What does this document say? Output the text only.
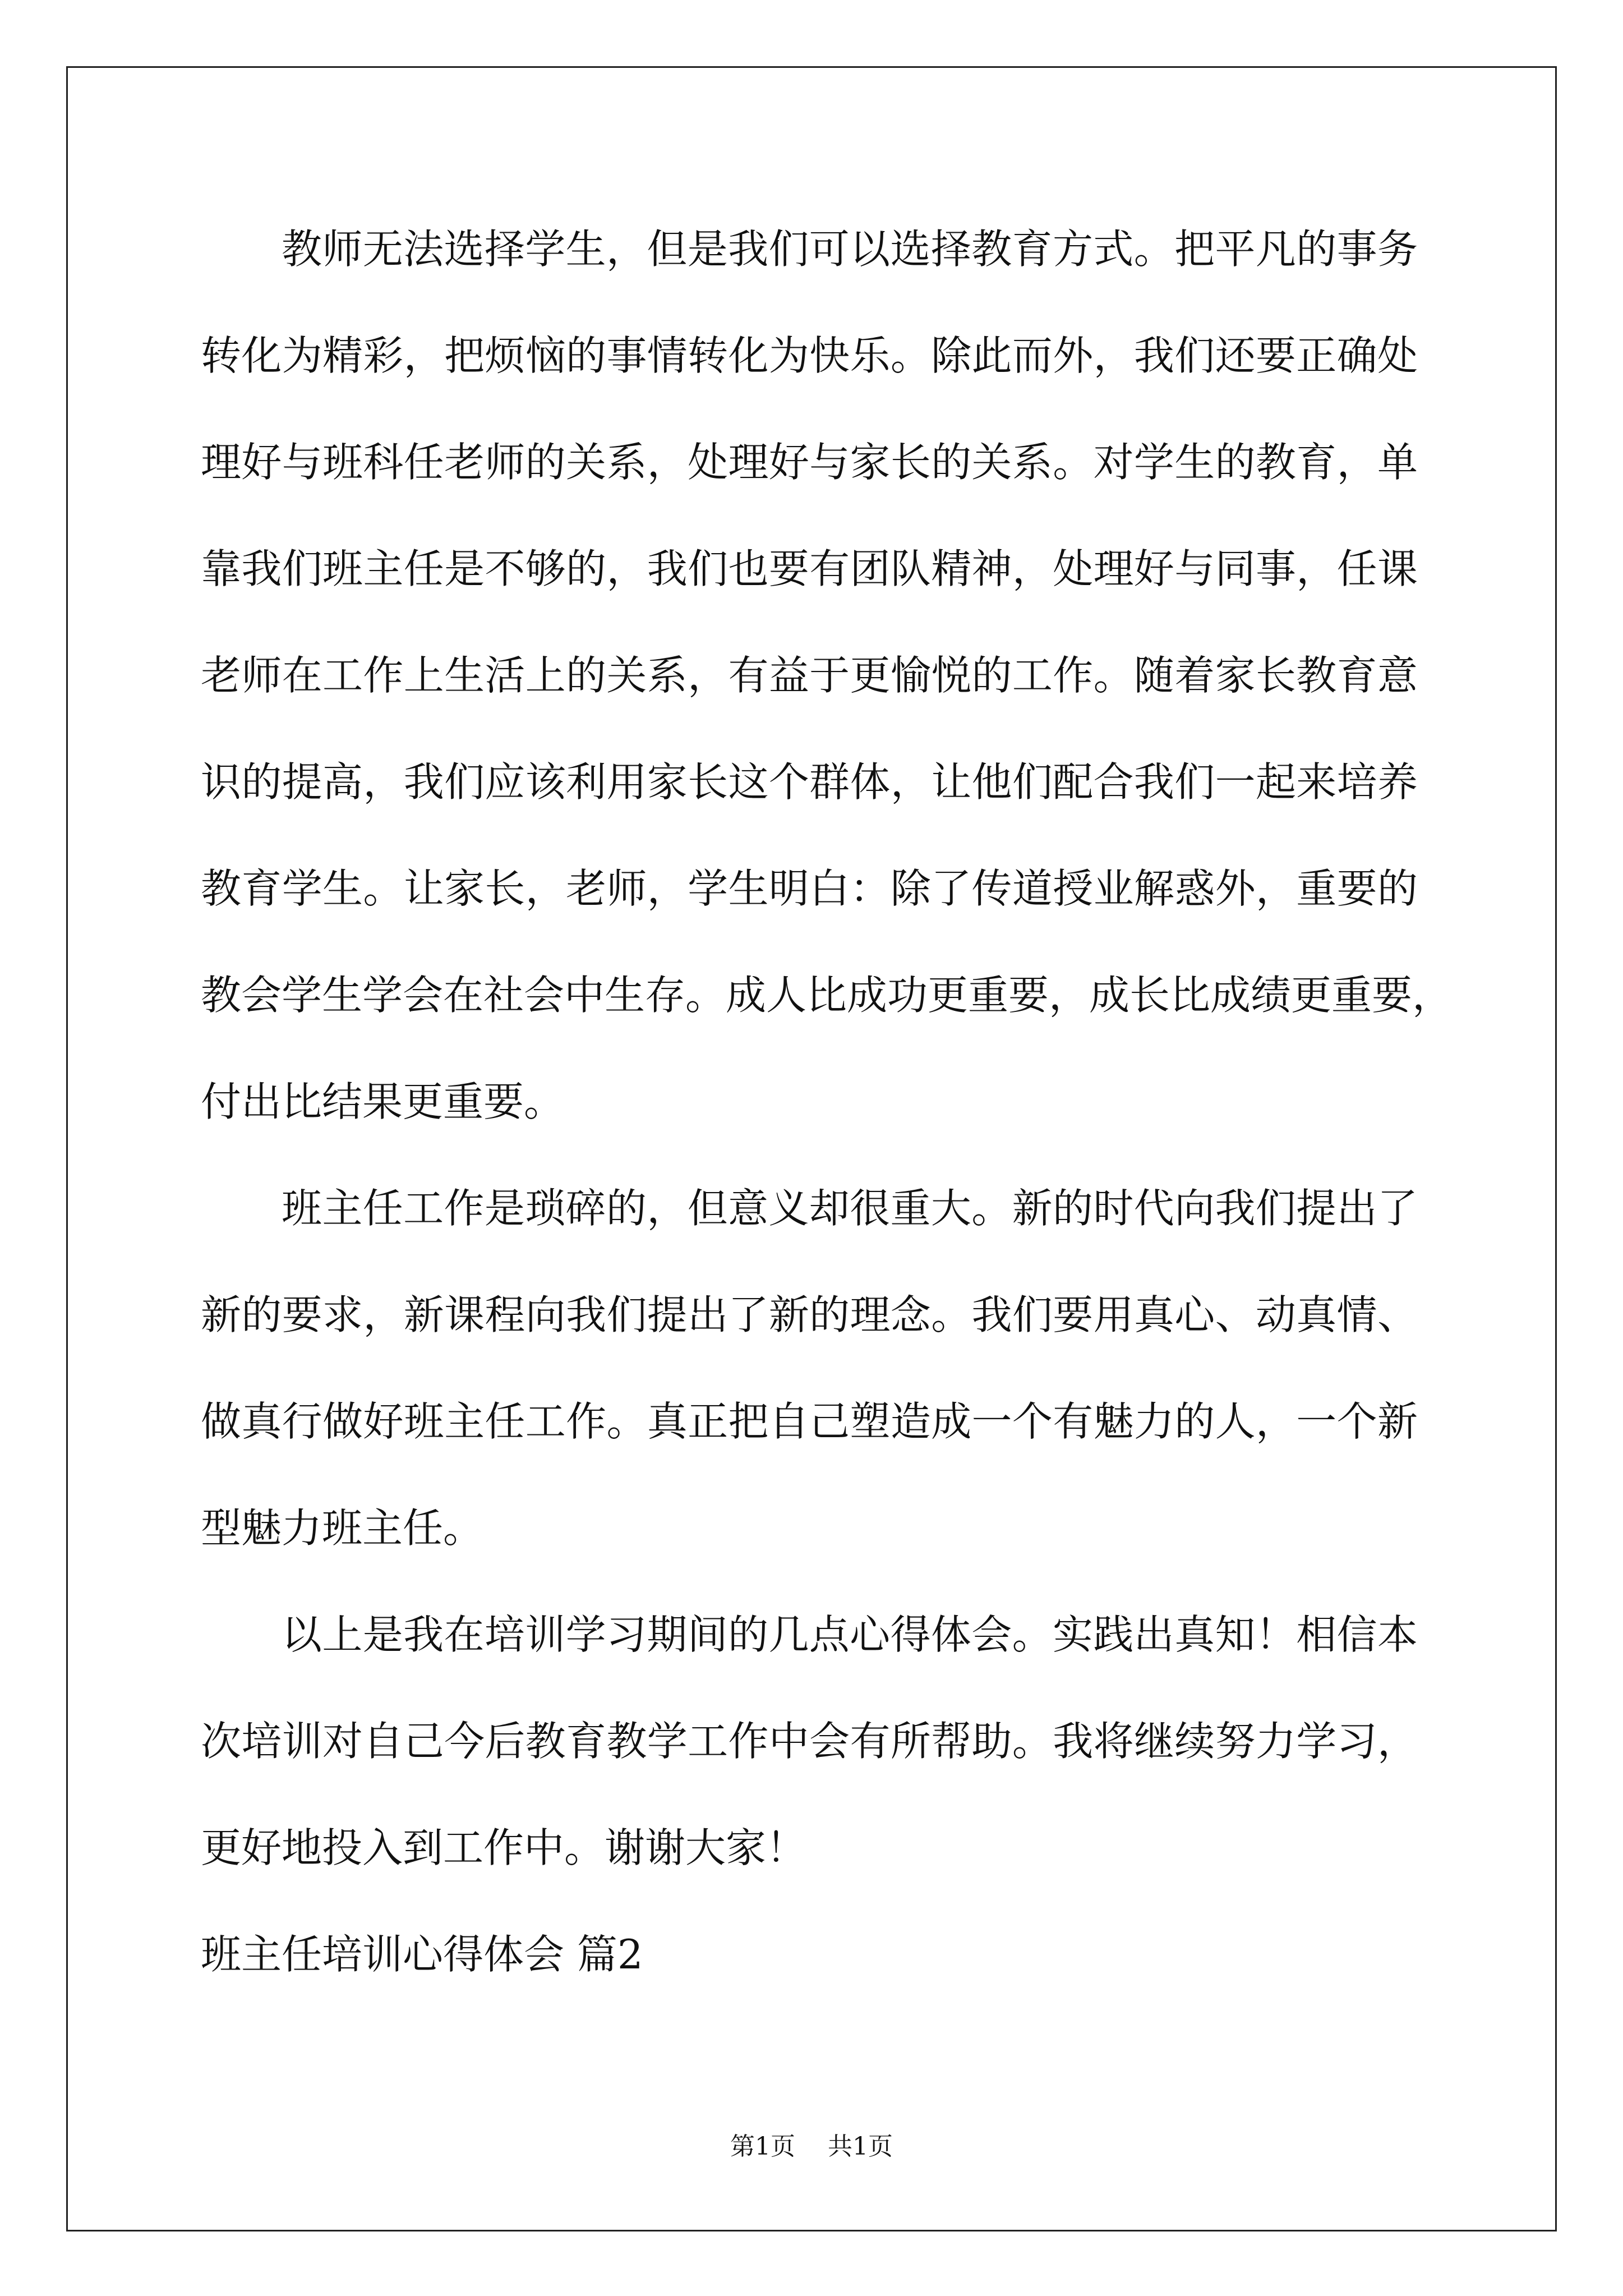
教师无法选择学生，但是我们可以选择教育方式。把平凡的事务
转化为精彩，把烦恼的事情转化为快乐。除此而外，我们还要正确处
理好与班科任老师的关系，处理好与家长的关系。对学生的教育，单
靠我们班主任是不够的，我们也要有团队精神，处理好与同事，任课
老师在工作上生活上的关系，有益于更愉悦的工作。随着家长教育意
识的提高，我们应该利用家长这个群体，让他们配合我们一起来培养
教育学生。让家长，老师，学生明白：除了传道授业解惑外，重要的
教会学生学会在社会中生存。成人比成功更重要，成长比成绩更重要，
付出比结果更重要。
班主任工作是琐碎的，但意义却很重大。新的时代向我们提出了
新的要求，新课程向我们提出了新的理念。我们要用真心、动真情、
做真行做好班主任工作。真正把自己塑造成一个有魅力的人，一个新
型魅力班主任。
以上是我在培训学习期间的几点心得体会。实践出真知！相信本
次培训对自己今后教育教学工作中会有所帮助。我将继续努力学习，
更好地投入到工作中。谢谢大家！
班主任培训心得体会 篇2
第1页 共1页
